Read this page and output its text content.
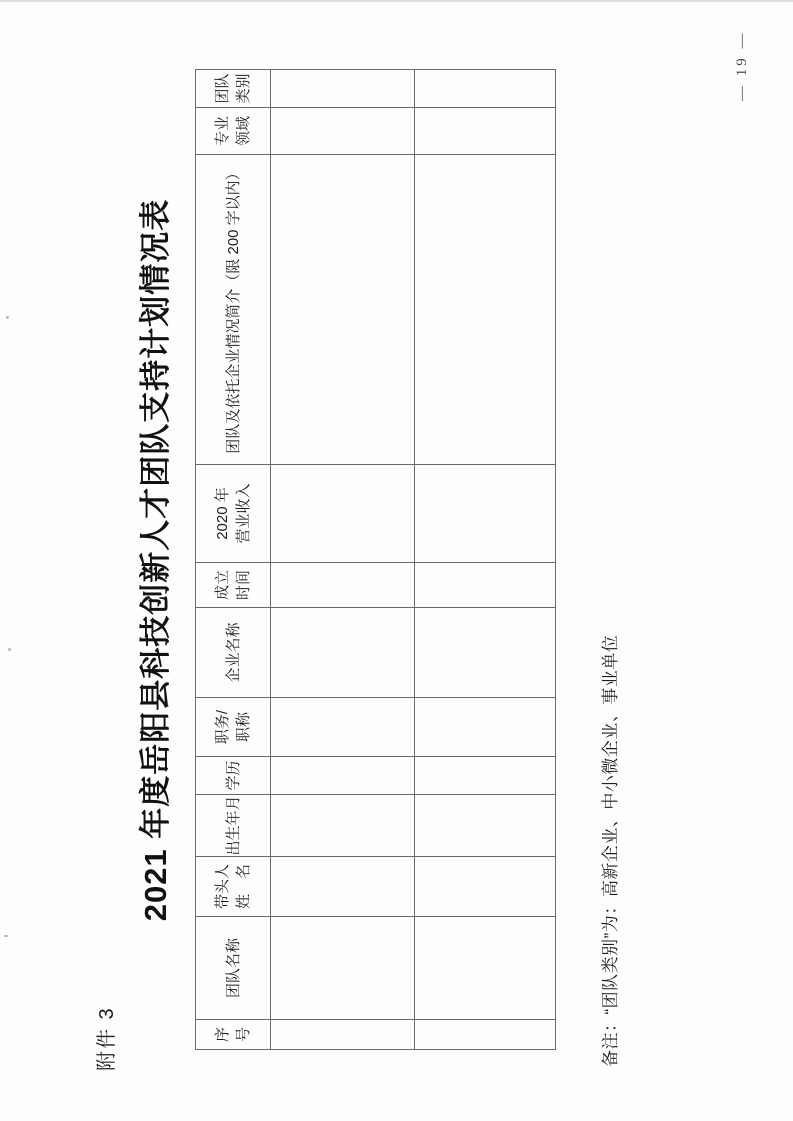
附件 3
2021 年度岳阳县科技创新人才团队支持计划情况表
序 号	团队名称	带头人 姓　名	出生年月	学历	职务/ 职称	企业名称	成立 时间	2020 年 营业收入	团队及依托企业情况简介（限 200 字以内）	专业 领域	团队 类别

备注：“团队类别”为：高新企业、中小微企业、事业单位
— 19 —
